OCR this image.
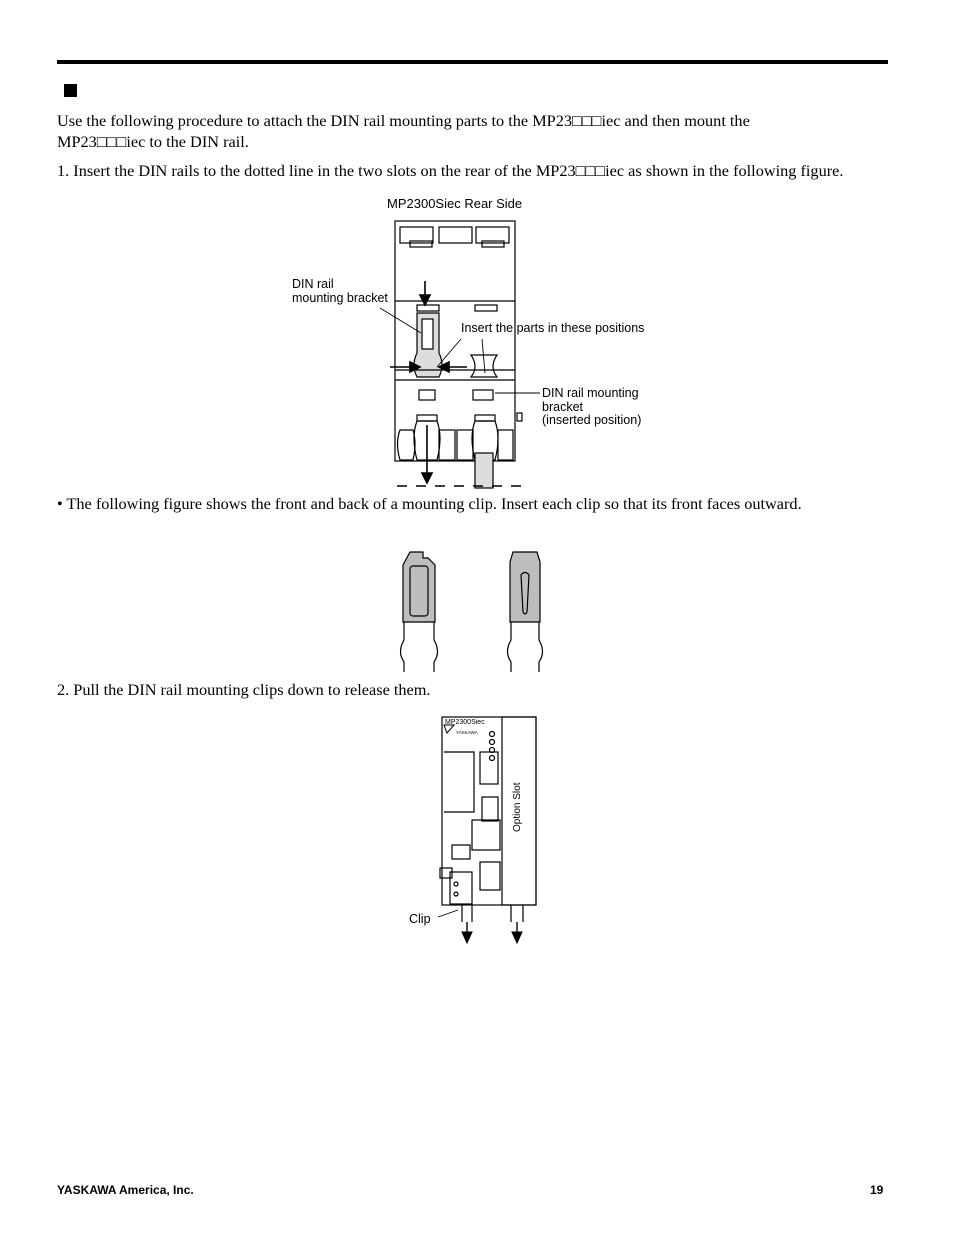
Use the following procedure to attach the DIN rail mounting parts to the MP23□□□iec and then mount the

MP23□□□iec to the DIN rail.

1. Insert the DIN rails to the dotted line in the two slots on the rear of the MP23□□□iec as shown in the following figure.

MP2300Siec Rear Side
DIN rail
mounting bracket
Insert the parts in these positions
DIN rail mounting
bracket
(inserted position)

• The following figure shows the front and back of a mounting clip. Insert each clip so that its front faces outward.

2. Pull the DIN rail mounting clips down to release them.

Clip
MP2300Siec
YASKAWA
Option Slot
YASKAWA America, Inc.	19
